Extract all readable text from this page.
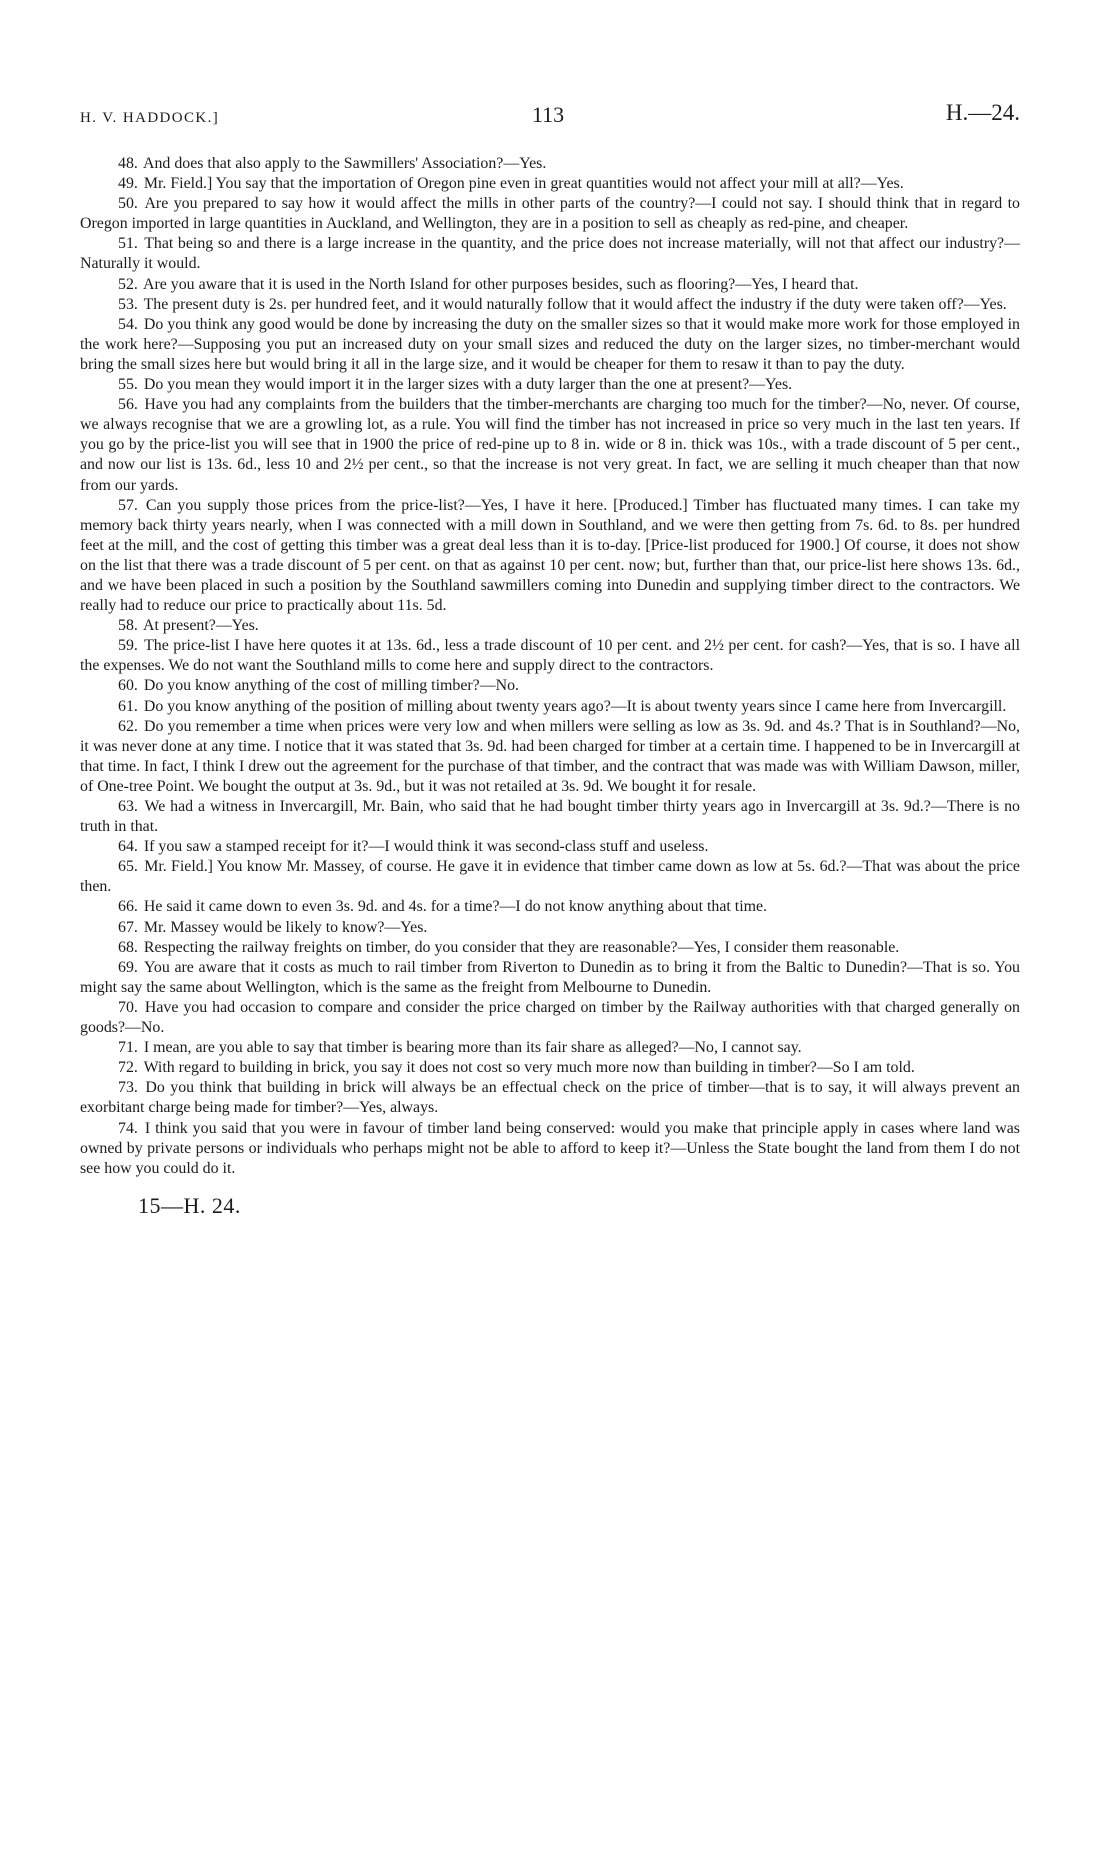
H. V. HADDOCK.]	113	H.—24.

48. And does that also apply to the Sawmillers' Association?—Yes.

49. Mr. Field.] You say that the importation of Oregon pine even in great quantities would not affect your mill at all?—Yes.

50. Are you prepared to say how it would affect the mills in other parts of the country?—I could not say. I should think that in regard to Oregon imported in large quantities in Auckland, and Wellington, they are in a position to sell as cheaply as red-pine, and cheaper.

51. That being so and there is a large increase in the quantity, and the price does not increase materially, will not that affect our industry?—Naturally it would.

52. Are you aware that it is used in the North Island for other purposes besides, such as flooring?—Yes, I heard that.

53. The present duty is 2s. per hundred feet, and it would naturally follow that it would affect the industry if the duty were taken off?—Yes.

54. Do you think any good would be done by increasing the duty on the smaller sizes so that it would make more work for those employed in the work here?—Supposing you put an increased duty on your small sizes and reduced the duty on the larger sizes, no timber-merchant would bring the small sizes here but would bring it all in the large size, and it would be cheaper for them to resaw it than to pay the duty.

55. Do you mean they would import it in the larger sizes with a duty larger than the one at present?—Yes.

56. Have you had any complaints from the builders that the timber-merchants are charging too much for the timber?—No, never. Of course, we always recognise that we are a growling lot, as a rule. You will find the timber has not increased in price so very much in the last ten years. If you go by the price-list you will see that in 1900 the price of red-pine up to 8 in. wide or 8 in. thick was 10s., with a trade discount of 5 per cent., and now our list is 13s. 6d., less 10 and 2½ per cent., so that the increase is not very great. In fact, we are selling it much cheaper than that now from our yards.

57. Can you supply those prices from the price-list?—Yes, I have it here. [Produced.] Timber has fluctuated many times. I can take my memory back thirty years nearly, when I was connected with a mill down in Southland, and we were then getting from 7s. 6d. to 8s. per hundred feet at the mill, and the cost of getting this timber was a great deal less than it is to-day. [Price-list produced for 1900.] Of course, it does not show on the list that there was a trade discount of 5 per cent. on that as against 10 per cent. now; but, further than that, our price-list here shows 13s. 6d., and we have been placed in such a position by the Southland sawmillers coming into Dunedin and supplying timber direct to the contractors. We really had to reduce our price to practically about 11s. 5d.

58. At present?—Yes.

59. The price-list I have here quotes it at 13s. 6d., less a trade discount of 10 per cent. and 2½ per cent. for cash?—Yes, that is so. I have all the expenses. We do not want the Southland mills to come here and supply direct to the contractors.

60. Do you know anything of the cost of milling timber?—No.

61. Do you know anything of the position of milling about twenty years ago?—It is about twenty years since I came here from Invercargill.

62. Do you remember a time when prices were very low and when millers were selling as low as 3s. 9d. and 4s.? That is in Southland?—No, it was never done at any time. I notice that it was stated that 3s. 9d. had been charged for timber at a certain time. I happened to be in Invercargill at that time. In fact, I think I drew out the agreement for the purchase of that timber, and the contract that was made was with William Dawson, miller, of One-tree Point. We bought the output at 3s. 9d., but it was not retailed at 3s. 9d. We bought it for resale.

63. We had a witness in Invercargill, Mr. Bain, who said that he had bought timber thirty years ago in Invercargill at 3s. 9d.?—There is no truth in that.

64. If you saw a stamped receipt for it?—I would think it was second-class stuff and useless.

65. Mr. Field.] You know Mr. Massey, of course. He gave it in evidence that timber came down as low at 5s. 6d.?—That was about the price then.

66. He said it came down to even 3s. 9d. and 4s. for a time?—I do not know anything about that time.

67. Mr. Massey would be likely to know?—Yes.

68. Respecting the railway freights on timber, do you consider that they are reasonable?—Yes, I consider them reasonable.

69. You are aware that it costs as much to rail timber from Riverton to Dunedin as to bring it from the Baltic to Dunedin?—That is so. You might say the same about Wellington, which is the same as the freight from Melbourne to Dunedin.

70. Have you had occasion to compare and consider the price charged on timber by the Railway authorities with that charged generally on goods?—No.

71. I mean, are you able to say that timber is bearing more than its fair share as alleged?—No, I cannot say.

72. With regard to building in brick, you say it does not cost so very much more now than building in timber?—So I am told.

73. Do you think that building in brick will always be an effectual check on the price of timber—that is to say, it will always prevent an exorbitant charge being made for timber?—Yes, always.

74. I think you said that you were in favour of timber land being conserved: would you make that principle apply in cases where land was owned by private persons or individuals who perhaps might not be able to afford to keep it?—Unless the State bought the land from them I do not see how you could do it.

15—H. 24.
